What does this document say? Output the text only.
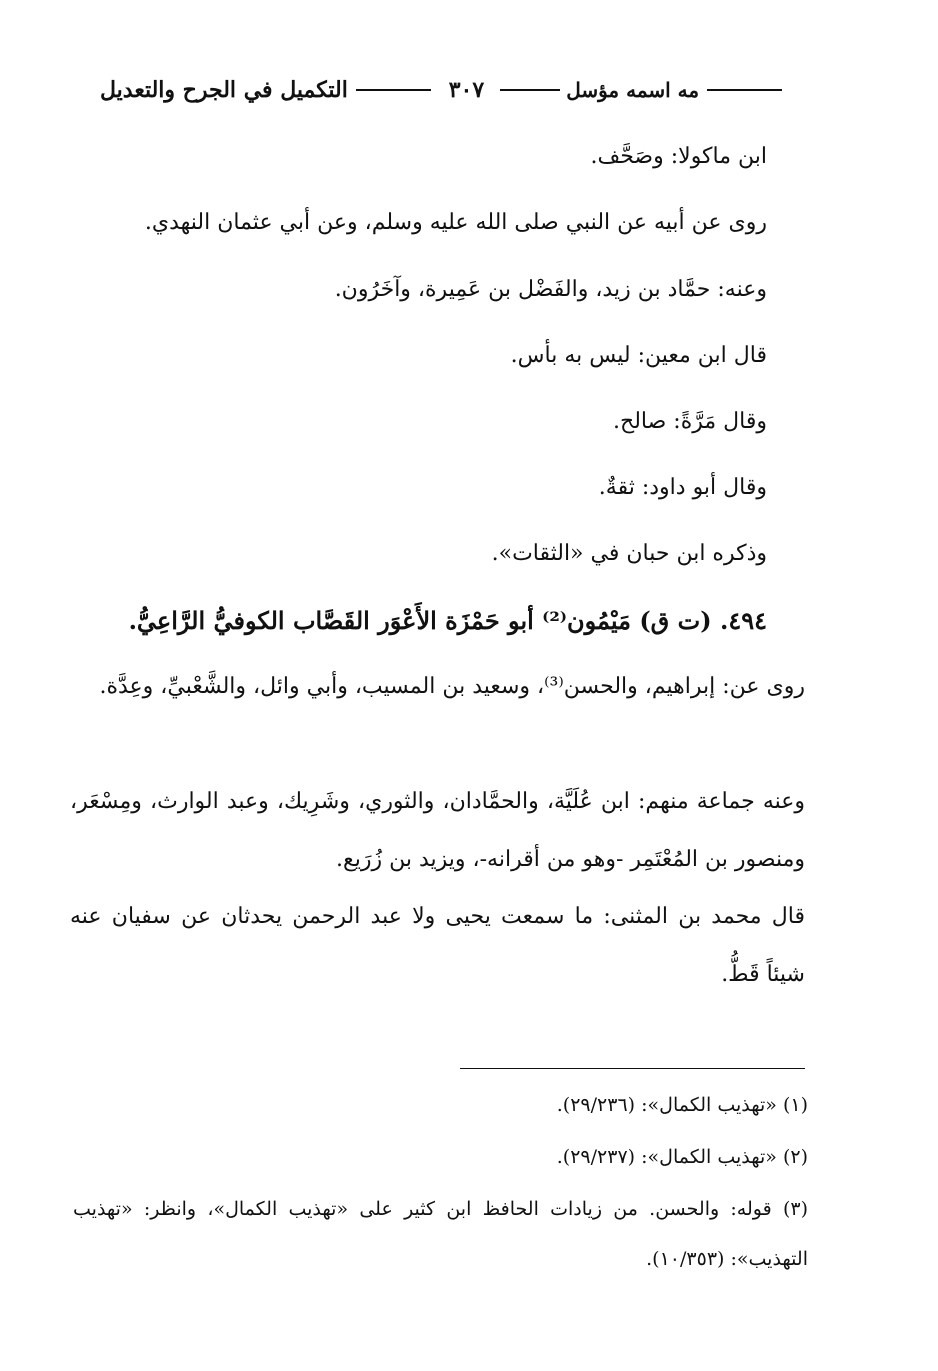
التكميل في الجرح والتعديل	٣٠٧	مه اسمه مؤسل
ابن ماكولا: وصَحَّف.
روى عن أبيه عن النبي صلى الله عليه وسلم، وعن أبي عثمان النهدي.
وعنه: حمَّاد بن زيد، والفَضْل بن عَمِيرة، وآخَرُون.
قال ابن معين: ليس به بأس.
وقال مَرَّةً: صالح.
وقال أبو داود: ثقةٌ.
وذكره ابن حبان في «الثقات».
٤٩٤. (ت ق) مَيْمُون⁽²⁾ أبو حَمْزَة الأَعْوَر القَصَّاب الكوفيُّ الرَّاعِيُّ.
روى عن: إبراهيم، والحسن⁽³⁾، وسعيد بن المسيب، وأبي وائل، والشَّعْبيِّ، وعِدَّة.
وعنه جماعة منهم: ابن عُلَيَّة، والحمَّادان، والثوري، وشَرِيك، وعبد الوارث، ومِسْعَر، ومنصور بن المُعْتَمِر -وهو من أقرانه-، ويزيد بن زُرَيع.
قال محمد بن المثنى: ما سمعت يحيى ولا عبد الرحمن يحدثان عن سفيان عنه شيئاً قَطُّ.
(١) «تهذيب الكمال»: (٢٩/٢٣٦).
(٢) «تهذيب الكمال»: (٢٩/٢٣٧).
(٣) قوله: والحسن. من زيادات الحافظ ابن كثير على «تهذيب الكمال»، وانظر: «تهذيب التهذيب»: (١٠/٣٥٣).
